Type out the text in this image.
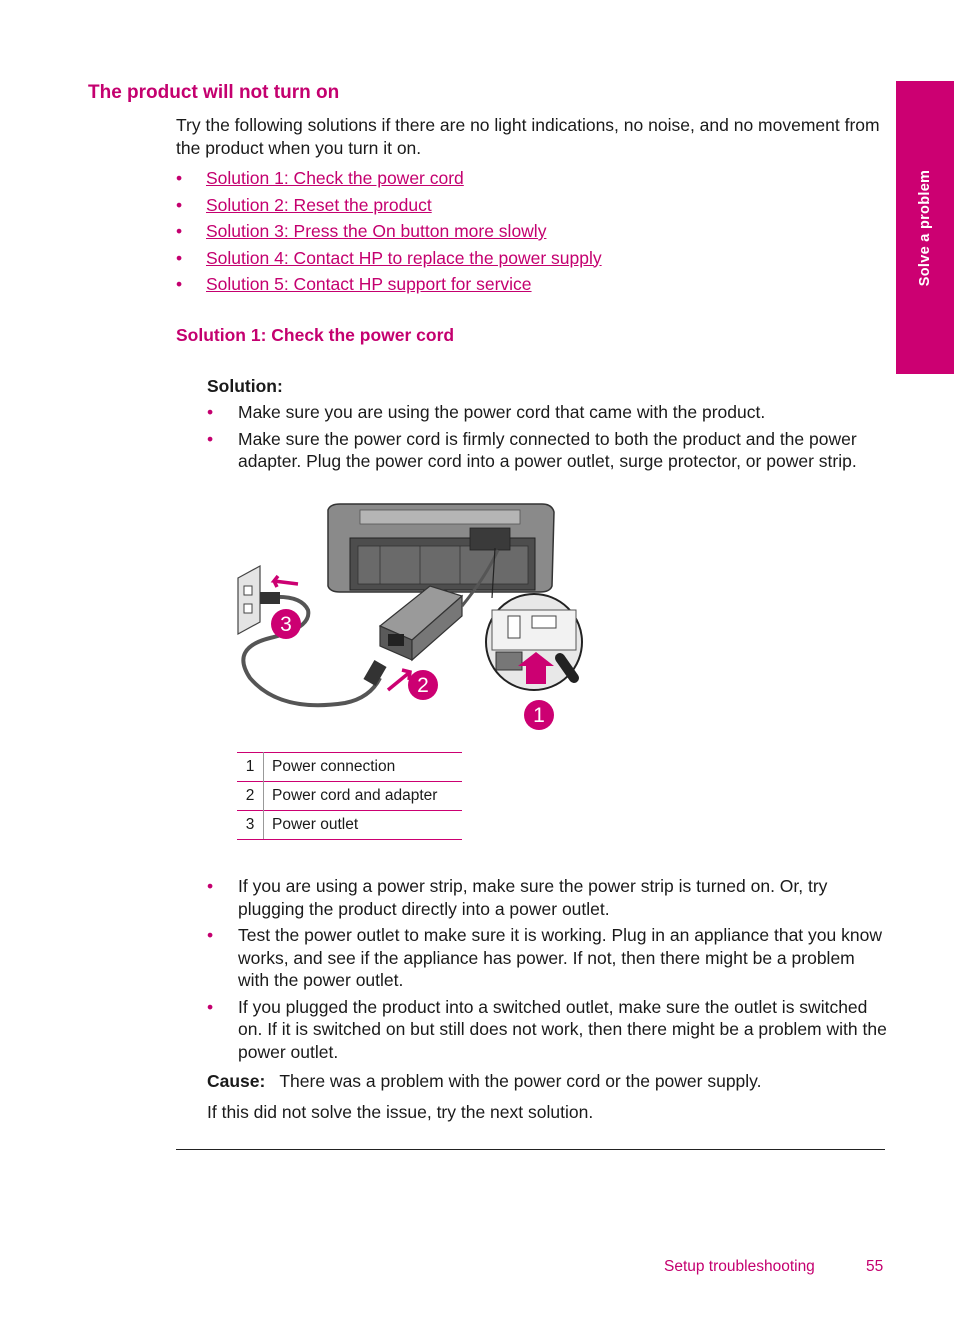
The product will not turn on
Try the following solutions if there are no light indications, no noise, and no movement from the product when you turn it on.
• Solution 1: Check the power cord
• Solution 2: Reset the product
• Solution 3: Press the On button more slowly
• Solution 4: Contact HP to replace the power supply
• Solution 5: Contact HP support for service
Solution 1: Check the power cord
Solution:
• Make sure you are using the power cord that came with the product.
• Make sure the power cord is firmly connected to both the product and the power adapter. Plug the power cord into a power outlet, surge protector, or power strip.
3
2
1
1	Power connection
2	Power cord and adapter
3	Power outlet
• If you are using a power strip, make sure the power strip is turned on. Or, try plugging the product directly into a power outlet.
• Test the power outlet to make sure it is working. Plug in an appliance that you know works, and see if the appliance has power. If not, then there might be a problem with the power outlet.
• If you plugged the product into a switched outlet, make sure the outlet is switched on. If it is switched on but still does not work, then there might be a problem with the power outlet.
Cause: There was a problem with the power cord or the power supply.
If this did not solve the issue, try the next solution.
Solve a problem
Setup troubleshooting	55
